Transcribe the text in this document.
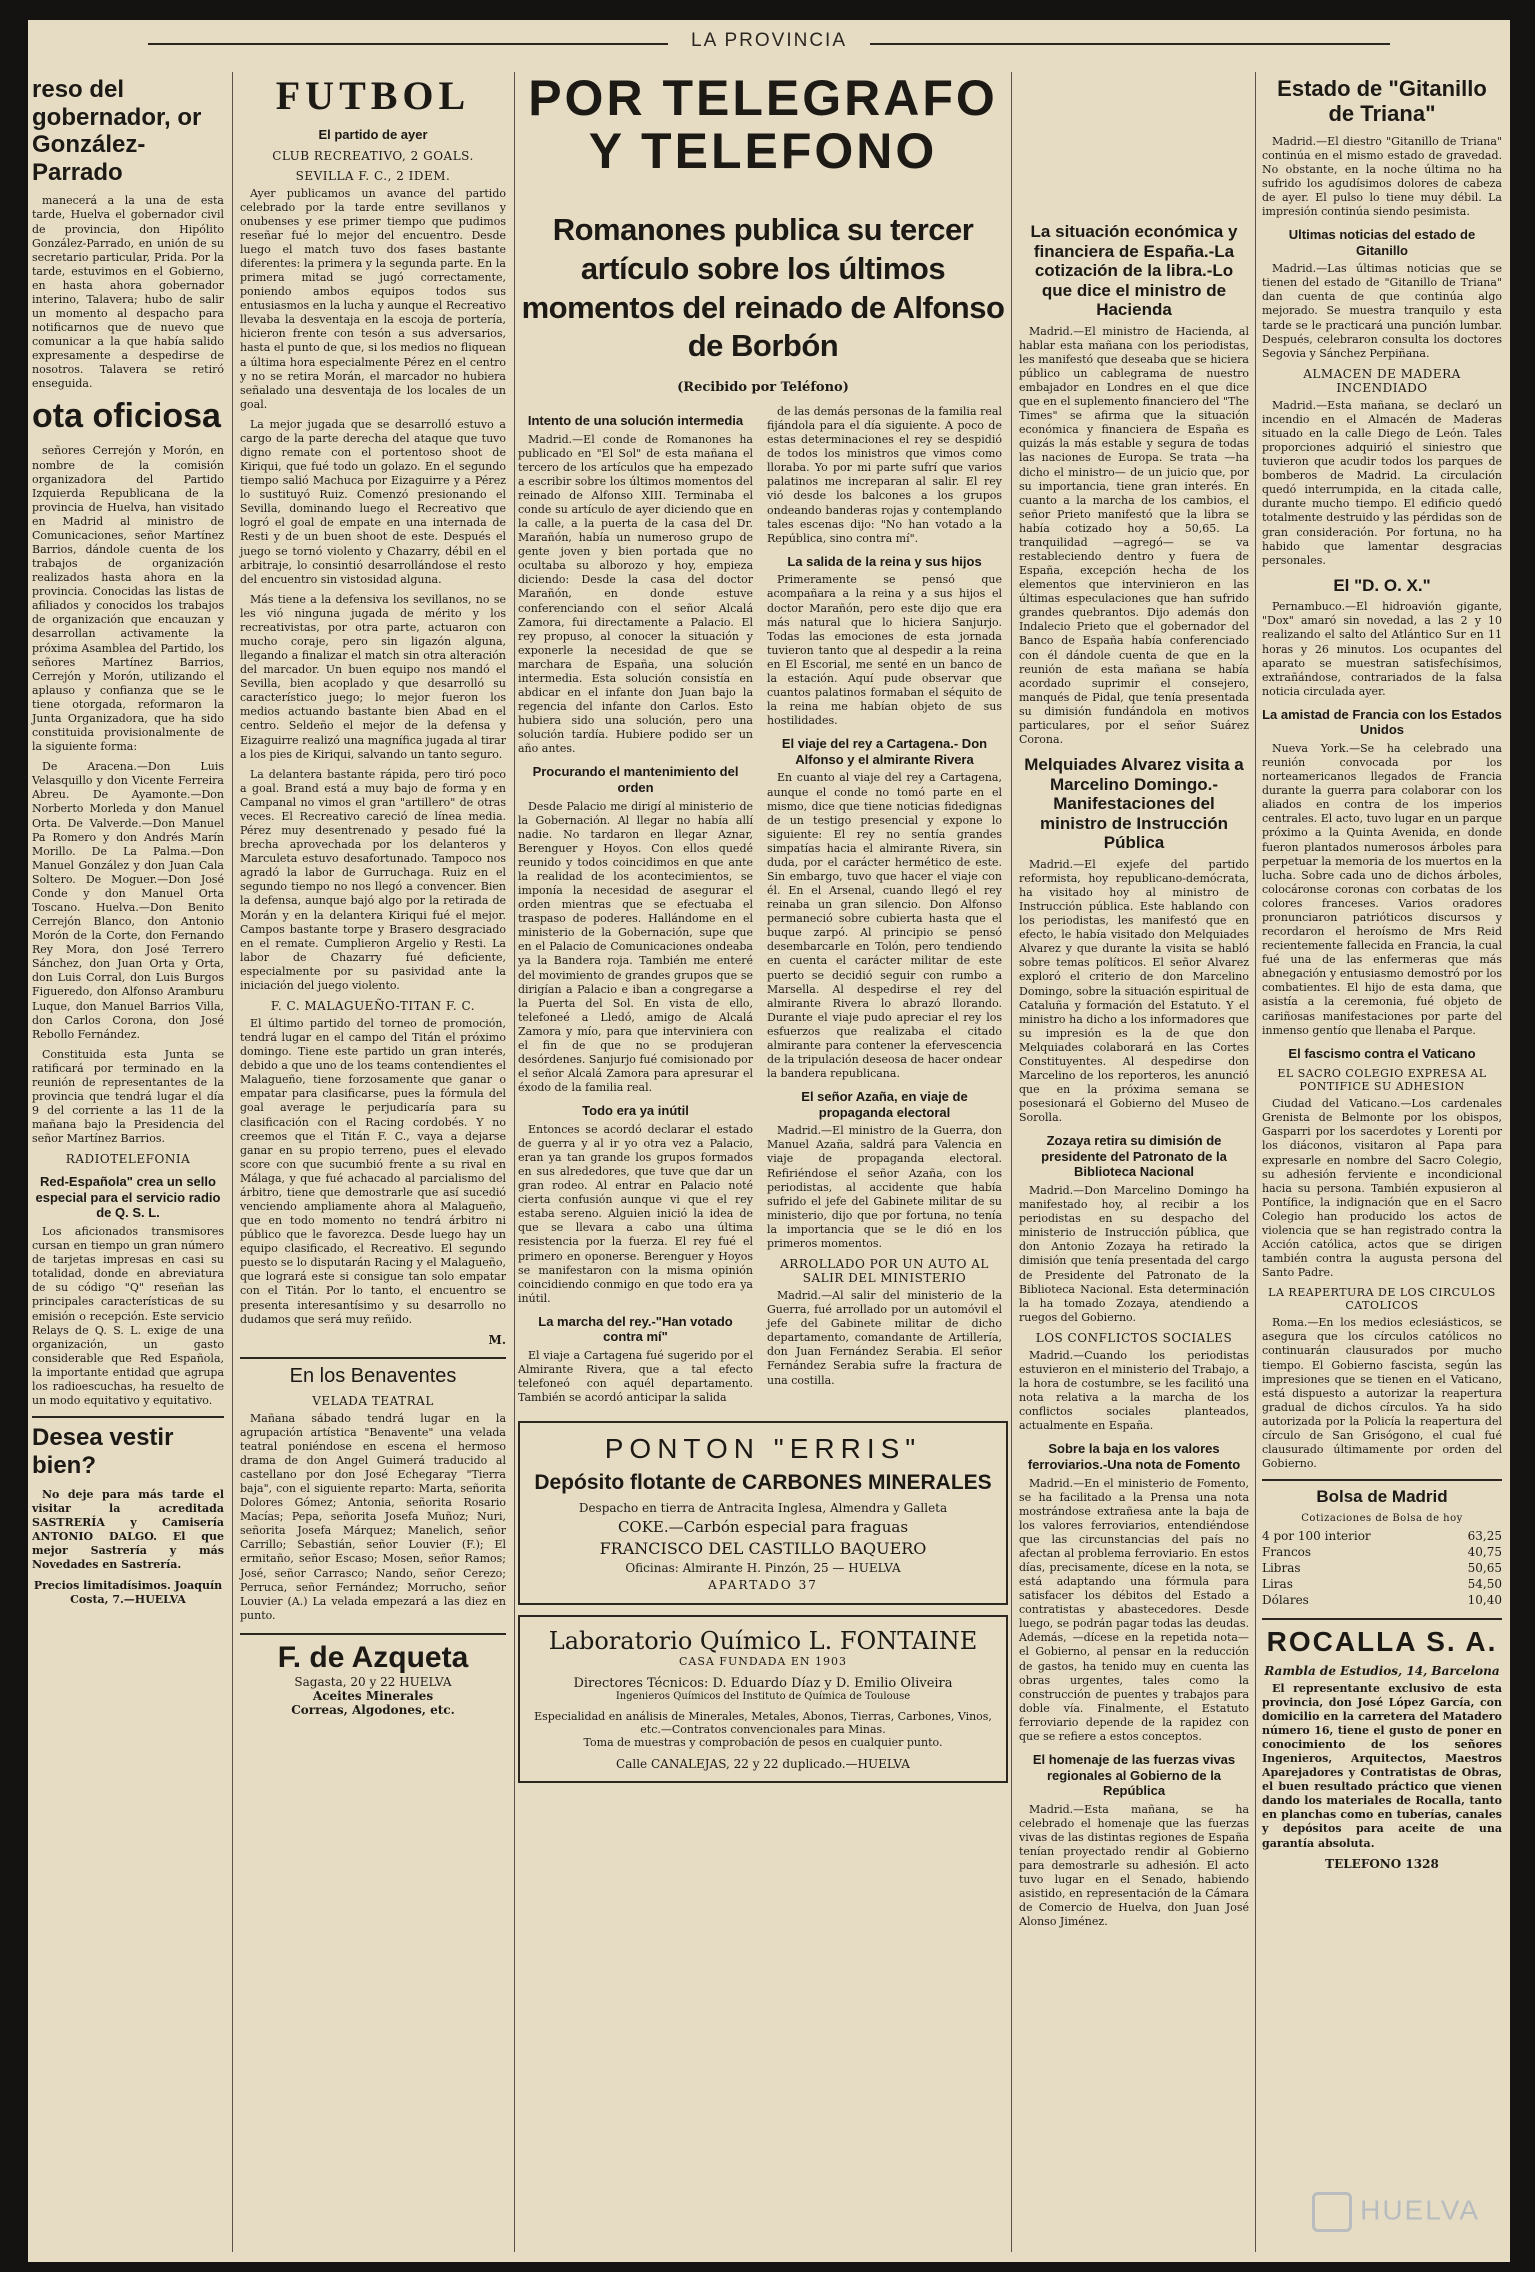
LA PROVINCIA
reso del gobernador, or González-Parrado

manecerá a la una de esta tarde, Huelva el gobernador civil de provincia, don Hipólito González-Parrado, en unión de su secretario particular, Prida. Por la tarde, estuvimos en el Gobierno, en hasta ahora gobernador interino, Talavera; hubo de salir un momento al despacho para notificarnos que de nuevo que comunicar a la que había salido expresamente a despedirse de nosotros. Talavera se retiró enseguida.

ota oficiosa

señores Cerrejón y Morón, en nombre de la comisión organizadora del Partido Izquierda Republicana de la provincia de Huelva, han visitado en Madrid al ministro de Comunicaciones, señor Martínez Barrios, dándole cuenta de los trabajos de organización realizados hasta ahora en la provincia. Conocidas las listas de afiliados y conocidos los trabajos de organización que encauzan y desarrollan activamente la próxima Asamblea del Partido, los señores Martínez Barrios, Cerrejón y Morón, utilizando el aplauso y confianza que se le tiene otorgada, reformaron la Junta Organizadora, que ha sido constituida provisionalmente de la siguiente forma:

De Aracena.—Don Luis Velasquillo y don Vicente Ferreira Abreu. De Ayamonte.—Don Norberto Morleda y don Manuel Orta. De Valverde.—Don Manuel Pa Romero y don Andrés Marín Morillo. De La Palma.—Don Manuel González y don Juan Cala Soltero. De Moguer.—Don José Conde y don Manuel Orta Toscano. Huelva.—Don Benito Cerrejón Blanco, don Antonio Morón de la Corte, don Fernando Rey Mora, don José Terrero Sánchez, don Juan Orta y Orta, don Luis Corral, don Luis Burgos Figueredo, don Alfonso Aramburu Luque, don Manuel Barrios Villa, don Carlos Corona, don José Rebollo Fernández.

Constituida esta Junta se ratificará por terminado en la reunión de representantes de la provincia que tendrá lugar el día 9 del corriente a las 11 de la mañana bajo la Presidencia del señor Martínez Barrios.

RADIOTELEFONIA
Red-Española" crea un sello especial para el servicio radio de Q. S. L.

Los aficionados transmisores cursan en tiempo un gran número de tarjetas impresas en casi su totalidad, donde en abreviatura de su código "Q" reseñan las principales características de su emisión o recepción. Este servicio Relays de Q. S. L. exige de una organización, un gasto considerable que Red Española, la importante entidad que agrupa los radioescuchas, ha resuelto de un modo equitativo y equitativo.

Desea vestir bien?

No deje para más tarde el visitar la acreditada SASTRERÍA y Camisería ANTONIO DALGO. El que mejor Sastrería y más Novedades en Sastrería.

Precios limitadísimos. Joaquín Costa, 7.—HUELVA

FUTBOL
El partido de ayer
CLUB RECREATIVO, 2 GOALS.
SEVILLA F. C., 2 IDEM.

Ayer publicamos un avance del partido celebrado por la tarde entre sevillanos y onubenses y ese primer tiempo que pudimos reseñar fué lo mejor del encuentro. Desde luego el match tuvo dos fases bastante diferentes: la primera y la segunda parte. En la primera mitad se jugó correctamente, poniendo ambos equipos todos sus entusiasmos en la lucha y aunque el Recreativo llevaba la desventaja en la escoja de portería, hicieron frente con tesón a sus adversarios, hasta el punto de que, si los medios no fliquean a última hora especialmente Pérez en el centro y no se retira Morán, el marcador no hubiera señalado una desventaja de los locales de un goal.

La mejor jugada que se desarrolló estuvo a cargo de la parte derecha del ataque que tuvo digno remate con el portentoso shoot de Kiriqui, que fué todo un golazo. En el segundo tiempo salió Machuca por Eizaguirre y a Pérez lo sustituyó Ruiz. Comenzó presionando el Sevilla, dominando luego el Recreativo que logró el goal de empate en una internada de Resti y de un buen shoot de este. Después el juego se tornó violento y Chazarry, débil en el arbitraje, lo consintió desarrollándose el resto del encuentro sin vistosidad alguna.

Más tiene a la defensiva los sevillanos, no se les vió ninguna jugada de mérito y los recreativistas, por otra parte, actuaron con mucho coraje, pero sin ligazón alguna, llegando a finalizar el match sin otra alteración del marcador. Un buen equipo nos mandó el Sevilla, bien acoplado y que desarrolló su característico juego; lo mejor fueron los medios actuando bastante bien Abad en el centro. Seldeño el mejor de la defensa y Eizaguirre realizó una magnífica jugada al tirar a los pies de Kiriqui, salvando un tanto seguro.

La delantera bastante rápida, pero tiró poco a goal. Brand está a muy bajo de forma y en Campanal no vimos el gran "artillero" de otras veces. El Recreativo careció de línea media. Pérez muy desentrenado y pesado fué la brecha aprovechada por los delanteros y Marculeta estuvo desafortunado. Tampoco nos agradó la labor de Gurruchaga. Ruiz en el segundo tiempo no nos llegó a convencer. Bien la defensa, aunque bajó algo por la retirada de Morán y en la delantera Kiriqui fué el mejor. Campos bastante torpe y Brasero desgraciado en el remate. Cumplieron Argelio y Resti. La labor de Chazarry fué deficiente, especialmente por su pasividad ante la iniciación del juego violento.

F. C. MALAGUEÑO-TITAN F. C.

El último partido del torneo de promoción, tendrá lugar en el campo del Titán el próximo domingo. Tiene este partido un gran interés, debido a que uno de los teams contendientes el Malagueño, tiene forzosamente que ganar o empatar para clasificarse, pues la fórmula del goal average le perjudicaría para su clasificación con el Racing cordobés. Y no creemos que el Titán F. C., vaya a dejarse ganar en su propio terreno, pues el elevado score con que sucumbió frente a su rival en Málaga, y que fué achacado al parcialismo del árbitro, tiene que demostrarle que así sucedió venciendo ampliamente ahora al Malagueño, que en todo momento no tendrá árbitro ni público que le favorezca. Desde luego hay un equipo clasificado, el Recreativo. El segundo puesto se lo disputarán Racing y el Malagueño, que logrará este si consigue tan solo empatar con el Titán. Por lo tanto, el encuentro se presenta interesantísimo y su desarrollo no dudamos que será muy reñido.

M.
En los Benaventes
VELADA TEATRAL

Mañana sábado tendrá lugar en la agrupación artística "Benavente" una velada teatral poniéndose en escena el hermoso drama de don Angel Guimerá traducido al castellano por don José Echegaray "Tierra baja", con el siguiente reparto: Marta, señorita Dolores Gómez; Antonia, señorita Rosario Macías; Pepa, señorita Josefa Muñoz; Nuri, señorita Josefa Márquez; Manelich, señor Carrillo; Sebastián, señor Louvier (F.); El ermitaño, señor Escaso; Mosen, señor Ramos; José, señor Carrasco; Nando, señor Cerezo; Perruca, señor Fernández; Morrucho, señor Louvier (A.) La velada empezará a las diez en punto.

F. de Azqueta
Sagasta, 20 y 22 HUELVA
Aceites Minerales
Correas, Algodones, etc.
POR TELEGRAFO
Y TELEFONO
Romanones publica su tercer artículo sobre los últimos momentos del reinado de Alfonso de Borbón
(Recibido por Teléfono)
Intento de una solución intermedia

Madrid.—El conde de Romanones ha publicado en "El Sol" de esta mañana el tercero de los artículos que ha empezado a escribir sobre los últimos momentos del reinado de Alfonso XIII. Terminaba el conde su artículo de ayer diciendo que en la calle, a la puerta de la casa del Dr. Marañón, había un numeroso grupo de gente joven y bien portada que no ocultaba su alborozo y hoy, empieza diciendo: Desde la casa del doctor Marañón, en donde estuve conferenciando con el señor Alcalá Zamora, fui directamente a Palacio. El rey propuso, al conocer la situación y exponerle la necesidad de que se marchara de España, una solución intermedia. Esta solución consistía en abdicar en el infante don Juan bajo la regencia del infante don Carlos. Esto hubiera sido una solución, pero una solución tardía. Hubiere podido ser un año antes.

Procurando el mantenimiento del orden

Desde Palacio me dirigí al ministerio de la Gobernación. Al llegar no había allí nadie. No tardaron en llegar Aznar, Berenguer y Hoyos. Con ellos quedé reunido y todos coincidimos en que ante la realidad de los acontecimientos, se imponía la necesidad de asegurar el orden mientras que se efectuaba el traspaso de poderes. Hallándome en el ministerio de la Gobernación, supe que en el Palacio de Comunicaciones ondeaba ya la Bandera roja. También me enteré del movimiento de grandes grupos que se dirigían a Palacio e iban a congregarse a la Puerta del Sol. En vista de ello, telefoneé a Lledó, amigo de Alcalá Zamora y mío, para que interviniera con el fin de que no se produjeran desórdenes. Sanjurjo fué comisionado por el señor Alcalá Zamora para apresurar el éxodo de la familia real.

Todo era ya inútil

Entonces se acordó declarar el estado de guerra y al ir yo otra vez a Palacio, eran ya tan grande los grupos formados en sus alrededores, que tuve que dar un gran rodeo. Al entrar en Palacio noté cierta confusión aunque vi que el rey estaba sereno. Alguien inició la idea de que se llevara a cabo una última resistencia por la fuerza. El rey fué el primero en oponerse. Berenguer y Hoyos se manifestaron con la misma opinión coincidiendo conmigo en que todo era ya inútil.

La marcha del rey.-"Han votado contra mí"

El viaje a Cartagena fué sugerido por el Almirante Rivera, que a tal efecto telefoneó con aquél departamento. También se acordó anticipar la salida

de las demás personas de la familia real fijándola para el día siguiente. A poco de estas determinaciones el rey se despidió de todos los ministros que vimos como lloraba. Yo por mi parte sufrí que varios palatinos me increparan al salir. El rey vió desde los balcones a los grupos ondeando banderas rojas y contemplando tales escenas dijo: "No han votado a la República, sino contra mí".

La salida de la reina y sus hijos

Primeramente se pensó que acompañara a la reina y a sus hijos el doctor Marañón, pero este dijo que era más natural que lo hiciera Sanjurjo. Todas las emociones de esta jornada tuvieron tanto que al despedir a la reina en El Escorial, me senté en un banco de la estación. Aquí pude observar que cuantos palatinos formaban el séquito de la reina me habían objeto de sus hostilidades.

El viaje del rey a Cartagena.- Don Alfonso y el almirante Rivera

En cuanto al viaje del rey a Cartagena, aunque el conde no tomó parte en el mismo, dice que tiene noticias fidedignas de un testigo presencial y expone lo siguiente: El rey no sentía grandes simpatías hacia el almirante Rivera, sin duda, por el carácter hermético de este. Sin embargo, tuvo que hacer el viaje con él. En el Arsenal, cuando llegó el rey reinaba un gran silencio. Don Alfonso permaneció sobre cubierta hasta que el buque zarpó. Al principio se pensó desembarcarle en Tolón, pero tendiendo en cuenta el carácter militar de este puerto se decidió seguir con rumbo a Marsella. Al despedirse el rey del almirante Rivera lo abrazó llorando. Durante el viaje pudo apreciar el rey los esfuerzos que realizaba el citado almirante para contener la efervescencia de la tripulación deseosa de hacer ondear la bandera republicana.

El señor Azaña, en viaje de propaganda electoral

Madrid.—El ministro de la Guerra, don Manuel Azaña, saldrá para Valencia en viaje de propaganda electoral. Refiriéndose el señor Azaña, con los periodistas, al accidente que había sufrido el jefe del Gabinete militar de su ministerio, dijo que por fortuna, no tenía la importancia que se le dió en los primeros momentos.

ARROLLADO POR UN AUTO AL SALIR DEL MINISTERIO

Madrid.—Al salir del ministerio de la Guerra, fué arrollado por un automóvil el jefe del Gabinete militar de dicho departamento, comandante de Artillería, don Juan Fernández Serabia. El señor Fernández Serabia sufre la fractura de una costilla.

PONTON "ERRIS"
Depósito flotante de CARBONES MINERALES
Despacho en tierra de Antracita Inglesa, Almendra y Galleta
COKE.—Carbón especial para fraguas
FRANCISCO DEL CASTILLO BAQUERO
Oficinas: Almirante H. Pinzón, 25 — HUELVA
APARTADO 37
Laboratorio Químico L. FONTAINE
CASA FUNDADA EN 1903
Directores Técnicos: D. Eduardo Díaz y D. Emilio Oliveira
Ingenieros Químicos del Instituto de Química de Toulouse
Especialidad en análisis de Minerales, Metales, Abonos, Tierras, Carbones, Vinos, etc.—Contratos convencionales para Minas.
Toma de muestras y comprobación de pesos en cualquier punto.
Calle CANALEJAS, 22 y 22 duplicado.—HUELVA
La situación económica y financiera de España.-La cotización de la libra.-Lo que dice el ministro de Hacienda

Madrid.—El ministro de Hacienda, al hablar esta mañana con los periodistas, les manifestó que deseaba que se hiciera público un cablegrama de nuestro embajador en Londres en el que dice que en el suplemento financiero del "The Times" se afirma que la situación económica y financiera de España es quizás la más estable y segura de todas las naciones de Europa. Se trata —ha dicho el ministro— de un juicio que, por su importancia, tiene gran interés. En cuanto a la marcha de los cambios, el señor Prieto manifestó que la libra se había cotizado hoy a 50,65. La tranquilidad —agregó— se va restableciendo dentro y fuera de España, excepción hecha de los elementos que intervinieron en las últimas especulaciones que han sufrido grandes quebrantos. Dijo además don Indalecio Prieto que el gobernador del Banco de España había conferenciado con él dándole cuenta de que en la reunión de esta mañana se había acordado suprimir el consejero, manqués de Pidal, que tenía presentada su dimisión fundándola en motivos particulares, por el señor Suárez Corona.

Melquiades Alvarez visita a Marcelino Domingo.-Manifestaciones del ministro de Instrucción Pública

Madrid.—El exjefe del partido reformista, hoy republicano-demócrata, ha visitado hoy al ministro de Instrucción pública. Este hablando con los periodistas, les manifestó que en efecto, le había visitado don Melquiades Alvarez y que durante la visita se habló sobre temas políticos. El señor Alvarez exploró el criterio de don Marcelino Domingo, sobre la situación espiritual de Cataluña y formación del Estatuto. Y el ministro ha dicho a los informadores que su impresión es la de que don Melquiades colaborará en las Cortes Constituyentes. Al despedirse don Marcelino de los reporteros, les anunció que en la próxima semana se posesionará el Gobierno del Museo de Sorolla.

Zozaya retira su dimisión de presidente del Patronato de la Biblioteca Nacional

Madrid.—Don Marcelino Domingo ha manifestado hoy, al recibir a los periodistas en su despacho del ministerio de Instrucción pública, que don Antonio Zozaya ha retirado la dimisión que tenía presentada del cargo de Presidente del Patronato de la Biblioteca Nacional. Esta determinación la ha tomado Zozaya, atendiendo a ruegos del Gobierno.

LOS CONFLICTOS SOCIALES

Madrid.—Cuando los periodistas estuvieron en el ministerio del Trabajo, a la hora de costumbre, se les facilitó una nota relativa a la marcha de los conflictos sociales planteados, actualmente en España.

Sobre la baja en los valores ferroviarios.-Una nota de Fomento

Madrid.—En el ministerio de Fomento, se ha facilitado a la Prensa una nota mostrándose extrañesa ante la baja de los valores ferroviarios, entendiéndose que las circunstancias del país no afectan al problema ferroviario. En estos días, precisamente, dícese en la nota, se está adaptando una fórmula para satisfacer los débitos del Estado a contratistas y abastecedores. Desde luego, se podrán pagar todas las deudas. Además, —dícese en la repetida nota— el Gobierno, al pensar en la reducción de gastos, ha tenido muy en cuenta las obras urgentes, tales como la construcción de puentes y trabajos para doble vía. Finalmente, el Estatuto ferroviario depende de la rapidez con que se refiere a estos conceptos.

El homenaje de las fuerzas vivas regionales al Gobierno de la República

Madrid.—Esta mañana, se ha celebrado el homenaje que las fuerzas vivas de las distintas regiones de España tenían proyectado rendir al Gobierno para demostrarle su adhesión. El acto tuvo lugar en el Senado, habiendo asistido, en representación de la Cámara de Comercio de Huelva, don Juan José Alonso Jiménez.

Estado de "Gitanillo de Triana"

Madrid.—El diestro "Gitanillo de Triana" continúa en el mismo estado de gravedad. No obstante, en la noche última no ha sufrido los agudísimos dolores de cabeza de ayer. El pulso lo tiene muy débil. La impresión continúa siendo pesimista.

Ultimas noticias del estado de Gitanillo

Madrid.—Las últimas noticias que se tienen del estado de "Gitanillo de Triana" dan cuenta de que continúa algo mejorado. Se muestra tranquilo y esta tarde se le practicará una punción lumbar. Después, celebraron consulta los doctores Segovia y Sánchez Perpiñana.

ALMACEN DE MADERA INCENDIADO

Madrid.—Esta mañana, se declaró un incendio en el Almacén de Maderas situado en la calle Diego de León. Tales proporciones adquirió el siniestro que tuvieron que acudir todos los parques de bomberos de Madrid. La circulación quedó interrumpida, en la citada calle, durante mucho tiempo. El edificio quedó totalmente destruido y las pérdidas son de gran consideración. Por fortuna, no ha habido que lamentar desgracias personales.

El "D. O. X."

Pernambuco.—El hidroavión gigante, "Dox" amaró sin novedad, a las 2 y 10 realizando el salto del Atlántico Sur en 11 horas y 26 minutos. Los ocupantes del aparato se muestran satisfechísimos, extrañándose, contrariados de la falsa noticia circulada ayer.

La amistad de Francia con los Estados Unidos

Nueva York.—Se ha celebrado una reunión convocada por los norteamericanos llegados de Francia durante la guerra para colaborar con los aliados en contra de los imperios centrales. El acto, tuvo lugar en un parque próximo a la Quinta Avenida, en donde fueron plantados numerosos árboles para perpetuar la memoria de los muertos en la lucha. Sobre cada uno de dichos árboles, colocáronse coronas con corbatas de los colores franceses. Varios oradores pronunciaron patrióticos discursos y recordaron el heroísmo de Mrs Reid recientemente fallecida en Francia, la cual fué una de las enfermeras que más abnegación y entusiasmo demostró por los combatientes. El hijo de esta dama, que asistía a la ceremonia, fué objeto de cariñosas manifestaciones por parte del inmenso gentío que llenaba el Parque.

El fascismo contra el Vaticano
EL SACRO COLEGIO EXPRESA AL PONTIFICE SU ADHESION

Ciudad del Vaticano.—Los cardenales Grenista de Belmonte por los obispos, Gasparri por los sacerdotes y Lorenti por los diáconos, visitaron al Papa para expresarle en nombre del Sacro Colegio, su adhesión ferviente e incondicional hacia su persona. También expusieron al Pontífice, la indignación que en el Sacro Colegio han producido los actos de violencia que se han registrado contra la Acción católica, actos que se dirigen también contra la augusta persona del Santo Padre.

LA REAPERTURA DE LOS CIRCULOS CATOLICOS

Roma.—En los medios eclesiásticos, se asegura que los círculos católicos no continuarán clausurados por mucho tiempo. El Gobierno fascista, según las impresiones que se tienen en el Vaticano, está dispuesto a autorizar la reapertura gradual de dichos círculos. Ya ha sido autorizada por la Policía la reapertura del círculo de San Grisógono, el cual fué clausurado últimamente por orden del Gobierno.

Bolsa de Madrid
Cotizaciones de Bolsa de hoy
4 por 100 interior	63,25
Francos	40,75
Libras	50,65
Liras	54,50
Dólares	10,40
ROCALLA S. A.
Rambla de Estudios, 14, Barcelona

El representante exclusivo de esta provincia, don José López García, con domicilio en la carretera del Matadero número 16, tiene el gusto de poner en conocimiento de los señores Ingenieros, Arquitectos, Maestros Aparejadores y Contratistas de Obras, el buen resultado práctico que vienen dando los materiales de Rocalla, tanto en planchas como en tuberías, canales y depósitos para aceite de una garantía absoluta.

TELEFONO 1328
HUELVA
